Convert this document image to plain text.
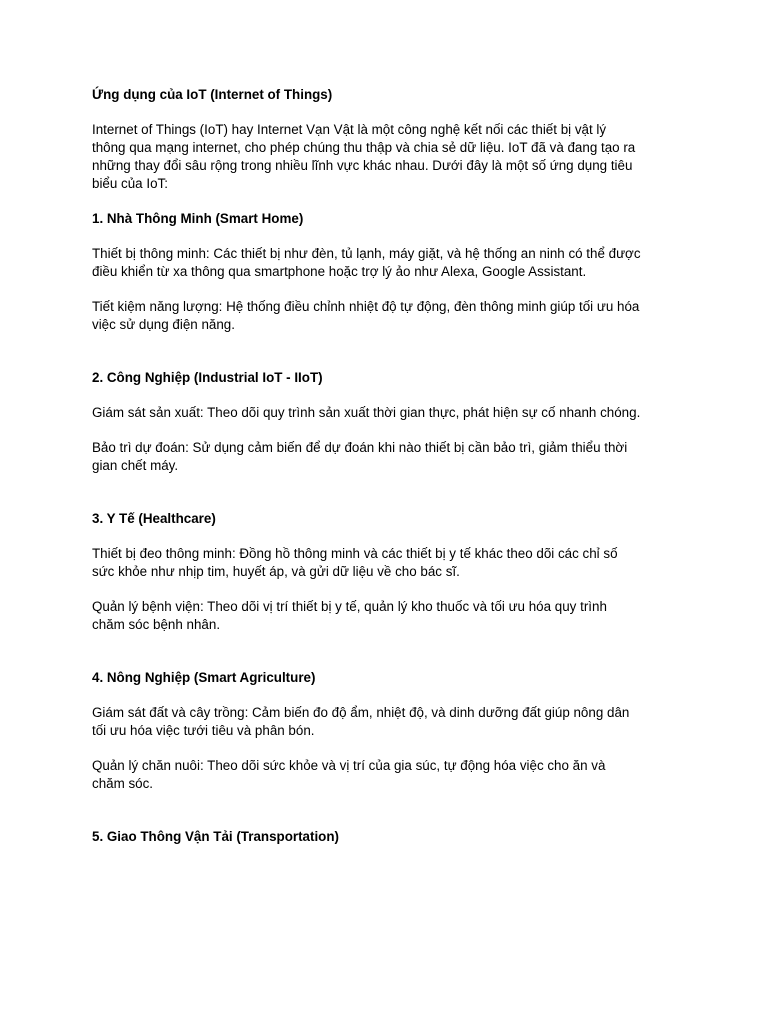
Ứng dụng của IoT (Internet of Things)

Internet of Things (IoT) hay Internet Vạn Vật là một công nghệ kết nối các thiết bị vật lý
thông qua mạng internet, cho phép chúng thu thập và chia sẻ dữ liệu. IoT đã và đang tạo ra
những thay đổi sâu rộng trong nhiều lĩnh vực khác nhau. Dưới đây là một số ứng dụng tiêu
biểu của IoT:

1. Nhà Thông Minh (Smart Home)

Thiết bị thông minh: Các thiết bị như đèn, tủ lạnh, máy giặt, và hệ thống an ninh có thể được
điều khiển từ xa thông qua smartphone hoặc trợ lý ảo như Alexa, Google Assistant.

Tiết kiệm năng lượng: Hệ thống điều chỉnh nhiệt độ tự động, đèn thông minh giúp tối ưu hóa
việc sử dụng điện năng.

2. Công Nghiệp (Industrial IoT - IIoT)

Giám sát sản xuất: Theo dõi quy trình sản xuất thời gian thực, phát hiện sự cố nhanh chóng.

Bảo trì dự đoán: Sử dụng cảm biến để dự đoán khi nào thiết bị cần bảo trì, giảm thiểu thời
gian chết máy.

3. Y Tế (Healthcare)

Thiết bị đeo thông minh: Đồng hồ thông minh và các thiết bị y tế khác theo dõi các chỉ số
sức khỏe như nhịp tim, huyết áp, và gửi dữ liệu về cho bác sĩ.

Quản lý bệnh viện: Theo dõi vị trí thiết bị y tế, quản lý kho thuốc và tối ưu hóa quy trình
chăm sóc bệnh nhân.

4. Nông Nghiệp (Smart Agriculture)

Giám sát đất và cây trồng: Cảm biến đo độ ẩm, nhiệt độ, và dinh dưỡng đất giúp nông dân
tối ưu hóa việc tưới tiêu và phân bón.

Quản lý chăn nuôi: Theo dõi sức khỏe và vị trí của gia súc, tự động hóa việc cho ăn và
chăm sóc.

5. Giao Thông Vận Tải (Transportation)
